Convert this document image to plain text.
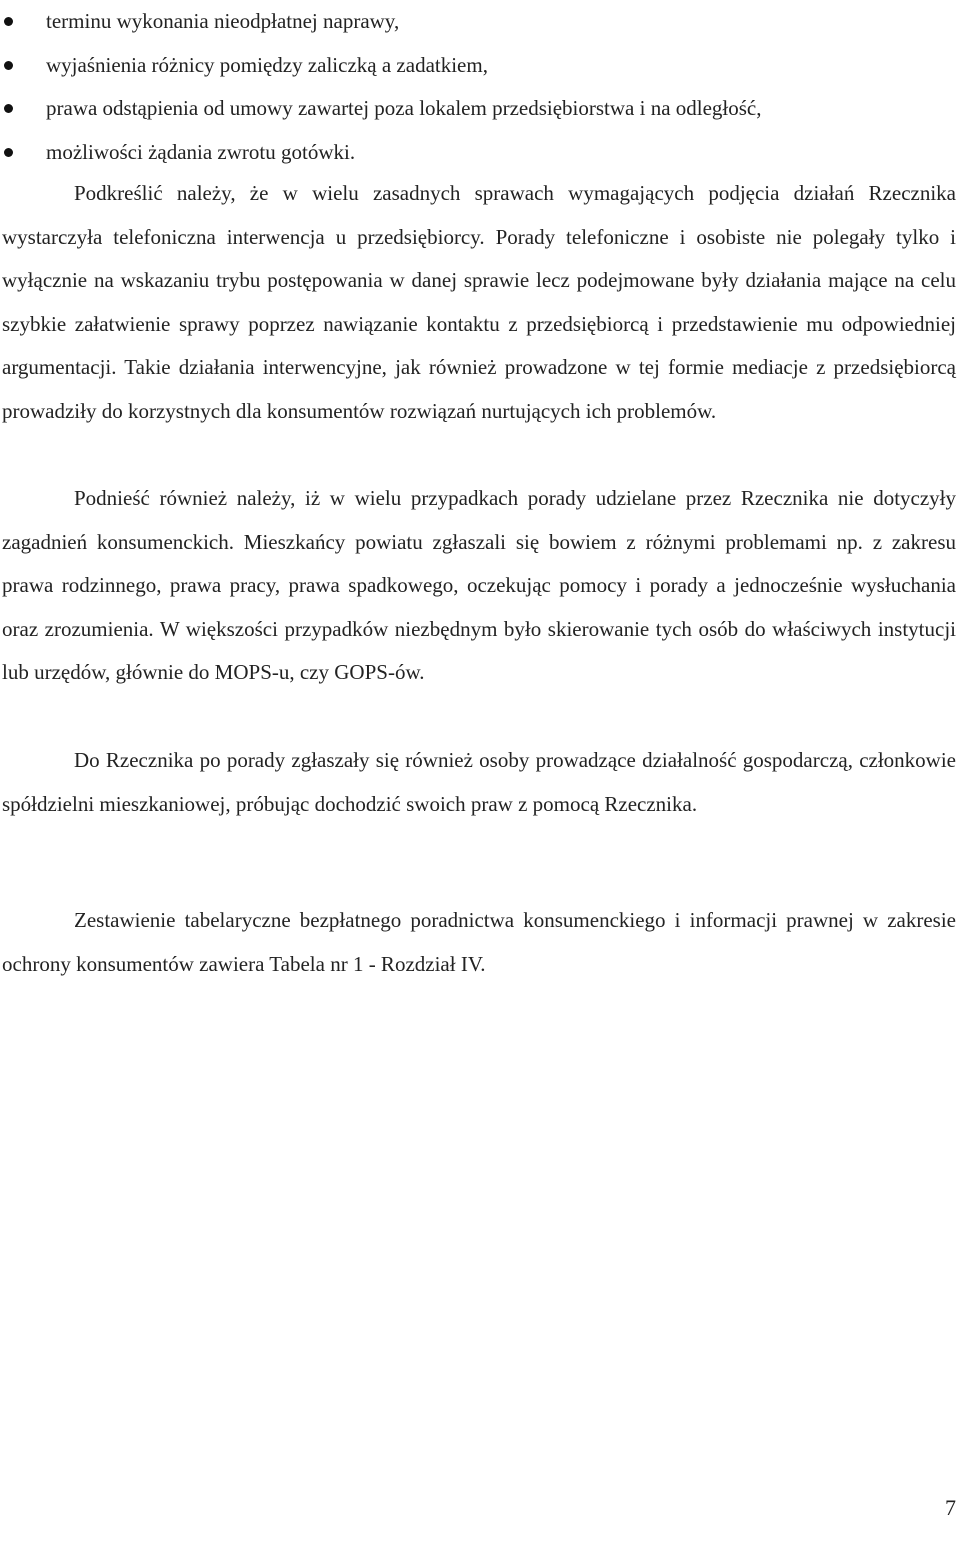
terminu wykonania nieodpłatnej naprawy,
wyjaśnienia różnicy pomiędzy zaliczką a zadatkiem,
prawa odstąpienia od umowy zawartej poza lokalem przedsiębiorstwa i na odległość,
możliwości żądania zwrotu gotówki.

Podkreślić należy, że w wielu zasadnych sprawach wymagających podjęcia działań Rzecznika wystarczyła telefoniczna interwencja u przedsiębiorcy. Porady telefoniczne i osobiste nie polegały tylko i wyłącznie na wskazaniu trybu postępowania w danej sprawie lecz podejmowane były działania mające na celu szybkie załatwienie sprawy poprzez nawiązanie kontaktu z przedsiębiorcą i przedstawienie mu odpowiedniej argumentacji. Takie działania interwencyjne, jak również prowadzone w tej formie mediacje z przedsiębiorcą prowadziły do korzystnych dla konsumentów rozwiązań nurtujących ich problemów.

Podnieść również należy, iż w wielu przypadkach porady udzielane przez Rzecznika nie dotyczyły zagadnień konsumenckich. Mieszkańcy powiatu zgłaszali się bowiem z różnymi problemami np. z zakresu prawa rodzinnego, prawa pracy, prawa spadkowego, oczekując pomocy i porady a jednocześnie wysłuchania oraz zrozumienia. W większości przypadków niezbędnym było skierowanie tych osób do właściwych instytucji lub urzędów, głównie do MOPS-u, czy GOPS-ów.

Do Rzecznika po porady zgłaszały się również osoby prowadzące działalność gospodarczą, członkowie spółdzielni mieszkaniowej, próbując dochodzić swoich praw z pomocą Rzecznika.

Zestawienie tabelaryczne bezpłatnego poradnictwa konsumenckiego i informacji prawnej w zakresie ochrony konsumentów zawiera Tabela nr 1 - Rozdział IV.

7
